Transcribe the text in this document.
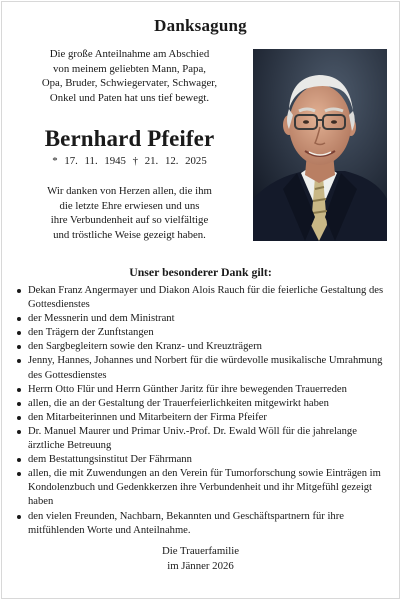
Danksagung
Die große Anteilnahme am Abschied
von meinem geliebten Mann, Papa,
Opa, Bruder, Schwiegervater, Schwager,
Onkel und Paten hat uns tief bewegt.
Bernhard Pfeifer
* 17. 11. 1945 † 21. 12. 2025
Wir danken von Herzen allen, die ihm
die letzte Ehre erwiesen und uns
ihre Verbundenheit auf so vielfältige
und tröstliche Weise gezeigt haben.
Unser besonderer Dank gilt:
Dekan Franz Angermayer und Diakon Alois Rauch für die feierliche Gestaltung des Gottesdienstes
der Messnerin und dem Ministrant
den Trägern der Zunftstangen
den Sargbegleitern sowie den Kranz- und Kreuzträgern
Jenny, Hannes, Johannes und Norbert für die würdevolle musikalische Umrahmung des Gottesdienstes
Herrn Otto Flür und Herrn Günther Jaritz für ihre bewegenden Trauerreden
allen, die an der Gestaltung der Trauerfeierlichkeiten mitgewirkt haben
den Mitarbeiterinnen und Mitarbeitern der Firma Pfeifer
Dr. Manuel Maurer und Primar Univ.-Prof. Dr. Ewald Wöll für die jahrelange ärztliche Betreuung
dem Bestattungsinstitut Der Fährmann
allen, die mit Zuwendungen an den Verein für Tumorforschung sowie Einträgen im Kondolenzbuch und Gedenkkerzen ihre Verbundenheit und ihr Mitgefühl gezeigt haben
den vielen Freunden, Nachbarn, Bekannten und Geschäftspartnern für ihre mitfühlenden Worte und Anteilnahme.
Die Trauerfamilie
im Jänner 2026
